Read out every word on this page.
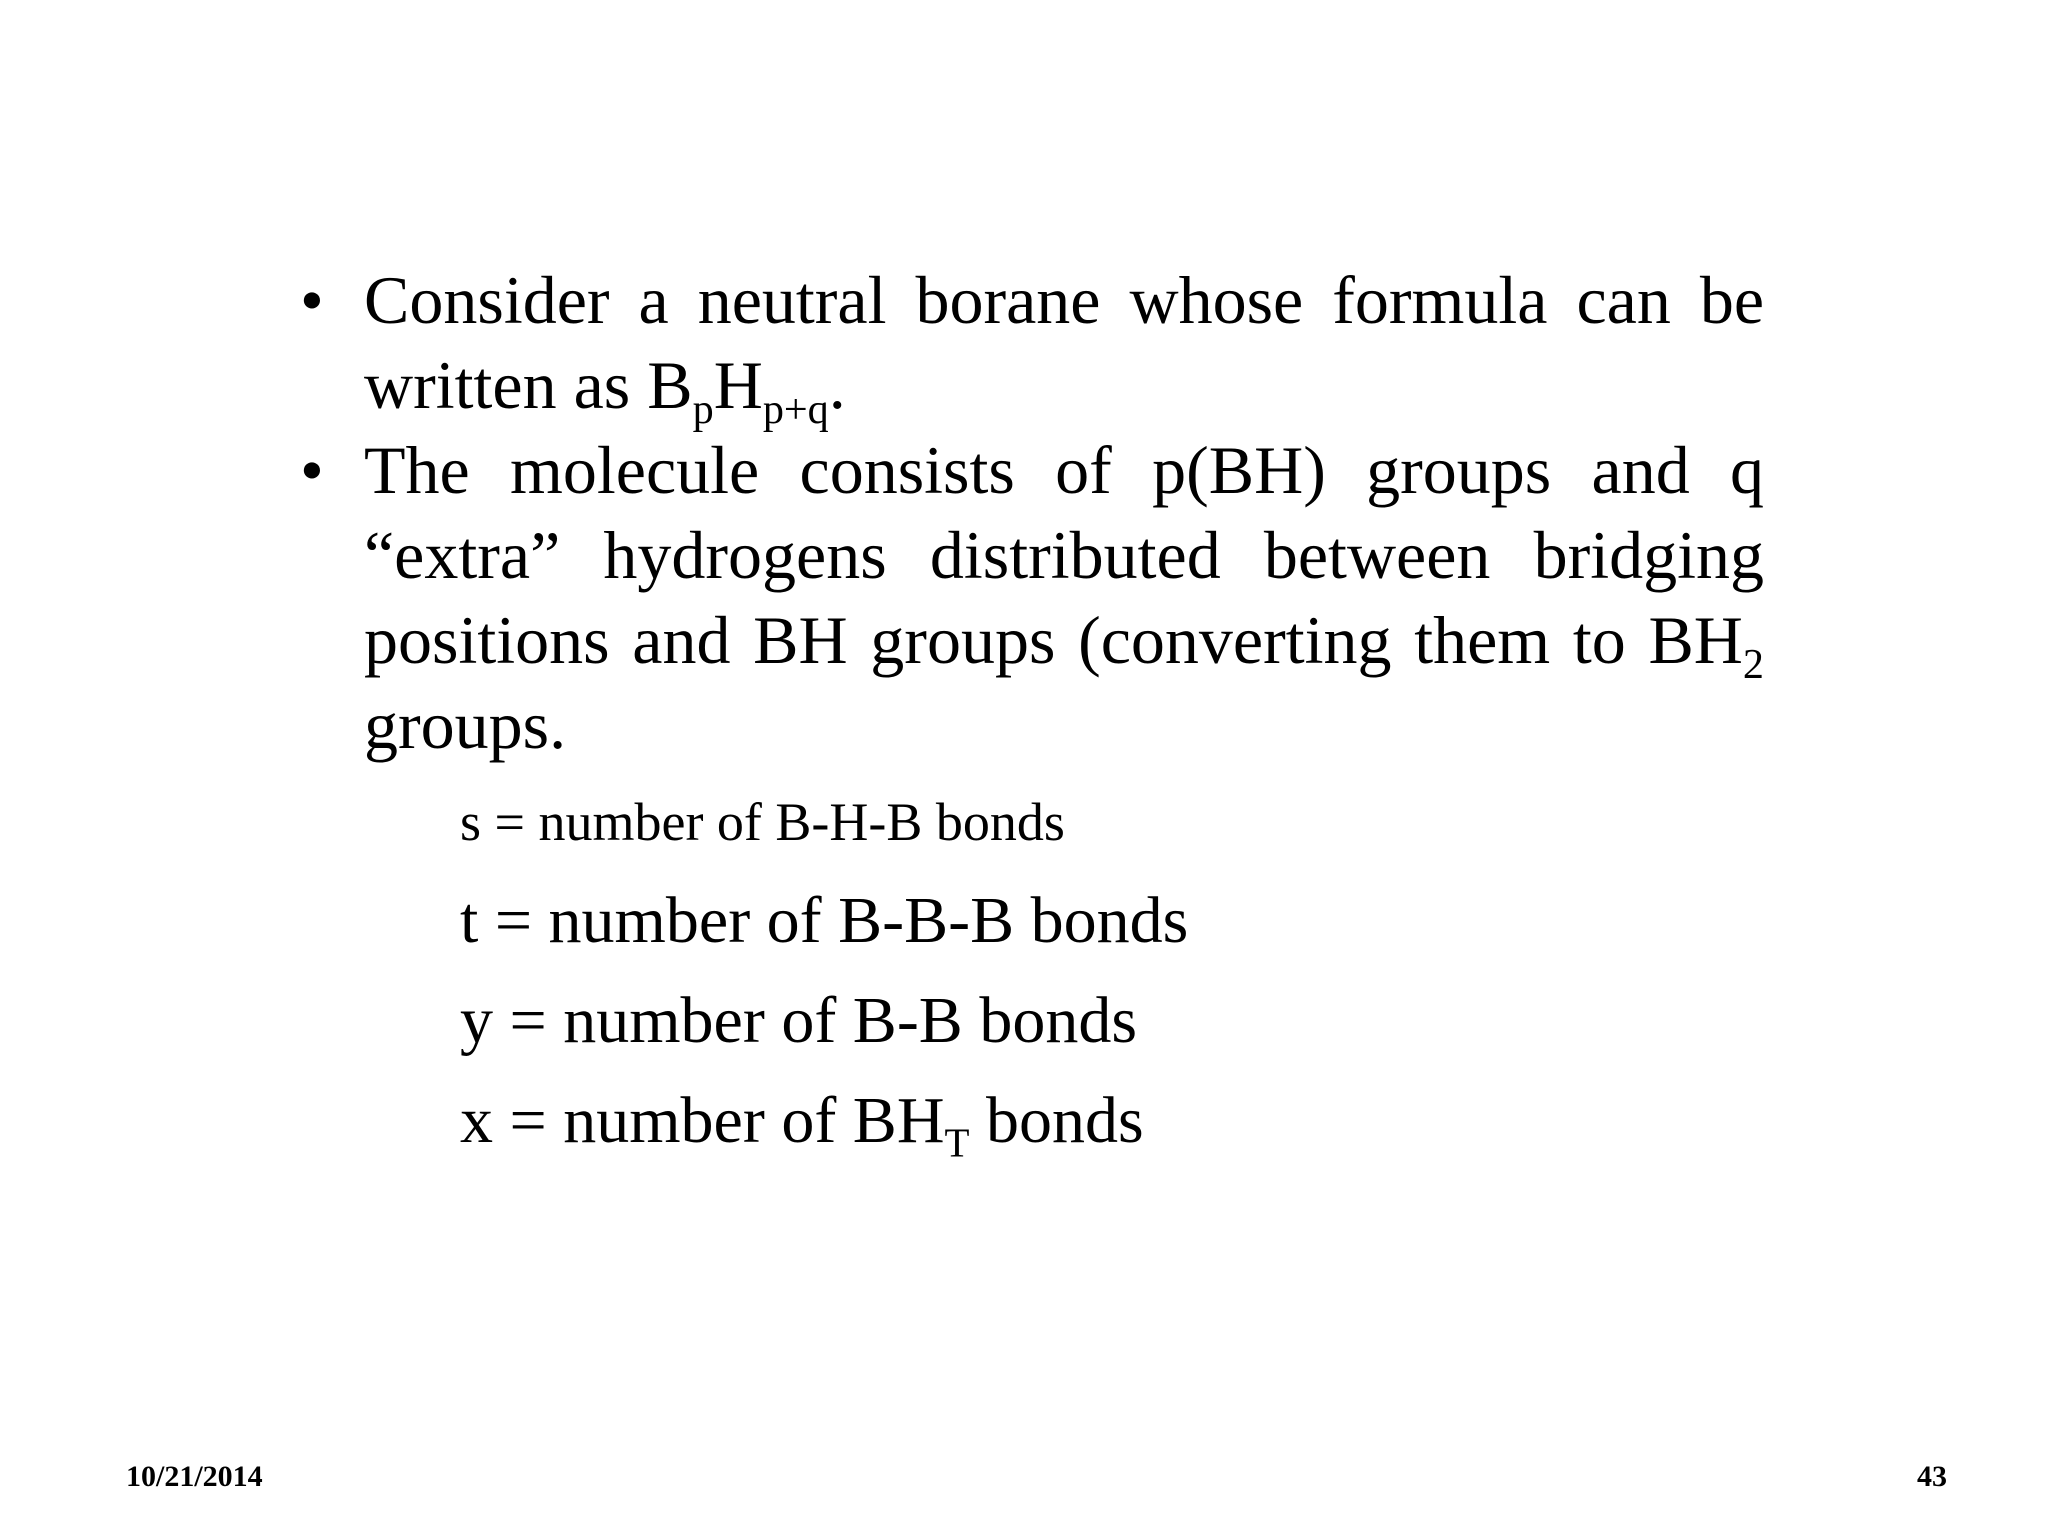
• Consider a neutral borane whose formula can be written as $B_pH_{p+q}$.
• The molecule consists of p(BH) groups and q “extra” hydrogens distributed between bridging positions and BH groups (converting them to $BH_2$ groups.
s = number of B-H-B bonds
t = number of B-B-B bonds
y = number of B-B bonds
x = number of $BH_T$ bonds
10/21/2014	43
